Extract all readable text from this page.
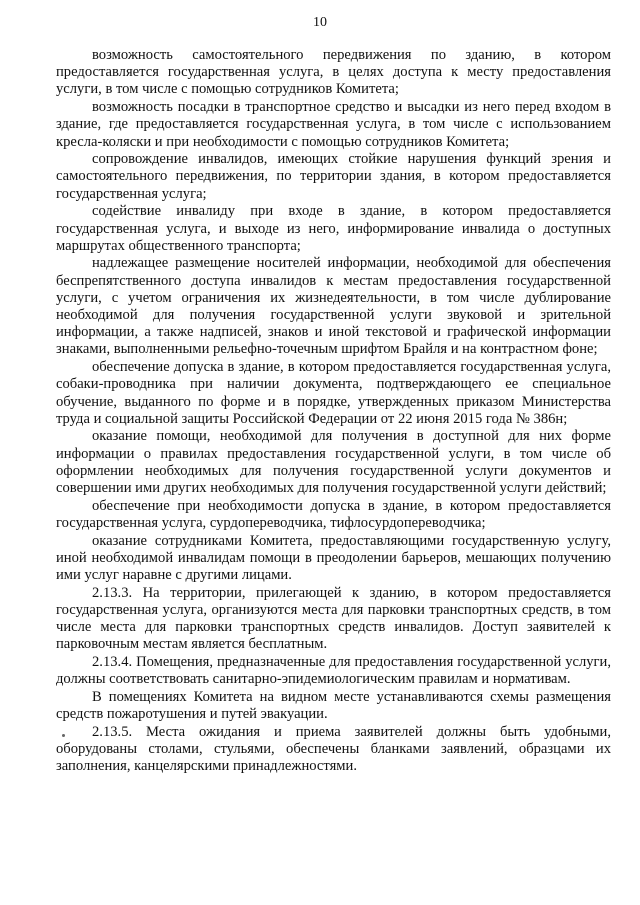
10

возможность самостоятельного передвижения по зданию, в котором предоставляется государственная услуга, в целях доступа к месту предоставления услуги, в том числе с помощью сотрудников Комитета;

возможность посадки в транспортное средство и высадки из него перед входом в здание, где предоставляется государственная услуга, в том числе с использованием кресла-коляски и при необходимости с помощью сотрудников Комитета;

сопровождение инвалидов, имеющих стойкие нарушения функций зрения и самостоятельного передвижения, по территории здания, в котором предоставляется государственная услуга;

содействие инвалиду при входе в здание, в котором предоставляется государственная услуга, и выходе из него, информирование инвалида о доступных маршрутах общественного транспорта;

надлежащее размещение носителей информации, необходимой для обеспечения беспрепятственного доступа инвалидов к местам предоставления государственной услуги, с учетом ограничения их жизнедеятельности, в том числе дублирование необходимой для получения государственной услуги звуковой и зрительной информации, а также надписей, знаков и иной текстовой и графической информации знаками, выполненными рельефно-точечным шрифтом Брайля и на контрастном фоне;

обеспечение допуска в здание, в котором предоставляется государственная услуга, собаки-проводника при наличии документа, подтверждающего ее специальное обучение, выданного по форме и в порядке, утвержденных приказом Министерства труда и социальной защиты Российской Федерации от 22 июня 2015 года № 386н;

оказание помощи, необходимой для получения в доступной для них форме информации о правилах предоставления государственной услуги, в том числе об оформлении необходимых для получения государственной услуги документов и совершении ими других необходимых для получения государственной услуги действий;

обеспечение при необходимости допуска в здание, в котором предоставляется государственная услуга, сурдопереводчика, тифлосурдопереводчика;

оказание сотрудниками Комитета, предоставляющими государственную услугу, иной необходимой инвалидам помощи в преодолении барьеров, мешающих получению ими услуг наравне с другими лицами.

2.13.3. На территории, прилегающей к зданию, в котором предоставляется государственная услуга, организуются места для парковки транспортных средств, в том числе места для парковки транспортных средств инвалидов. Доступ заявителей к парковочным местам является бесплатным.

2.13.4. Помещения, предназначенные для предоставления государственной услуги, должны соответствовать санитарно-эпидемиологическим правилам и нормативам.

В помещениях Комитета на видном месте устанавливаются схемы размещения средств пожаротушения и путей эвакуации.

2.13.5. Места ожидания и приема заявителей должны быть удобными, оборудованы столами, стульями, обеспечены бланками заявлений, образцами их заполнения, канцелярскими принадлежностями.
